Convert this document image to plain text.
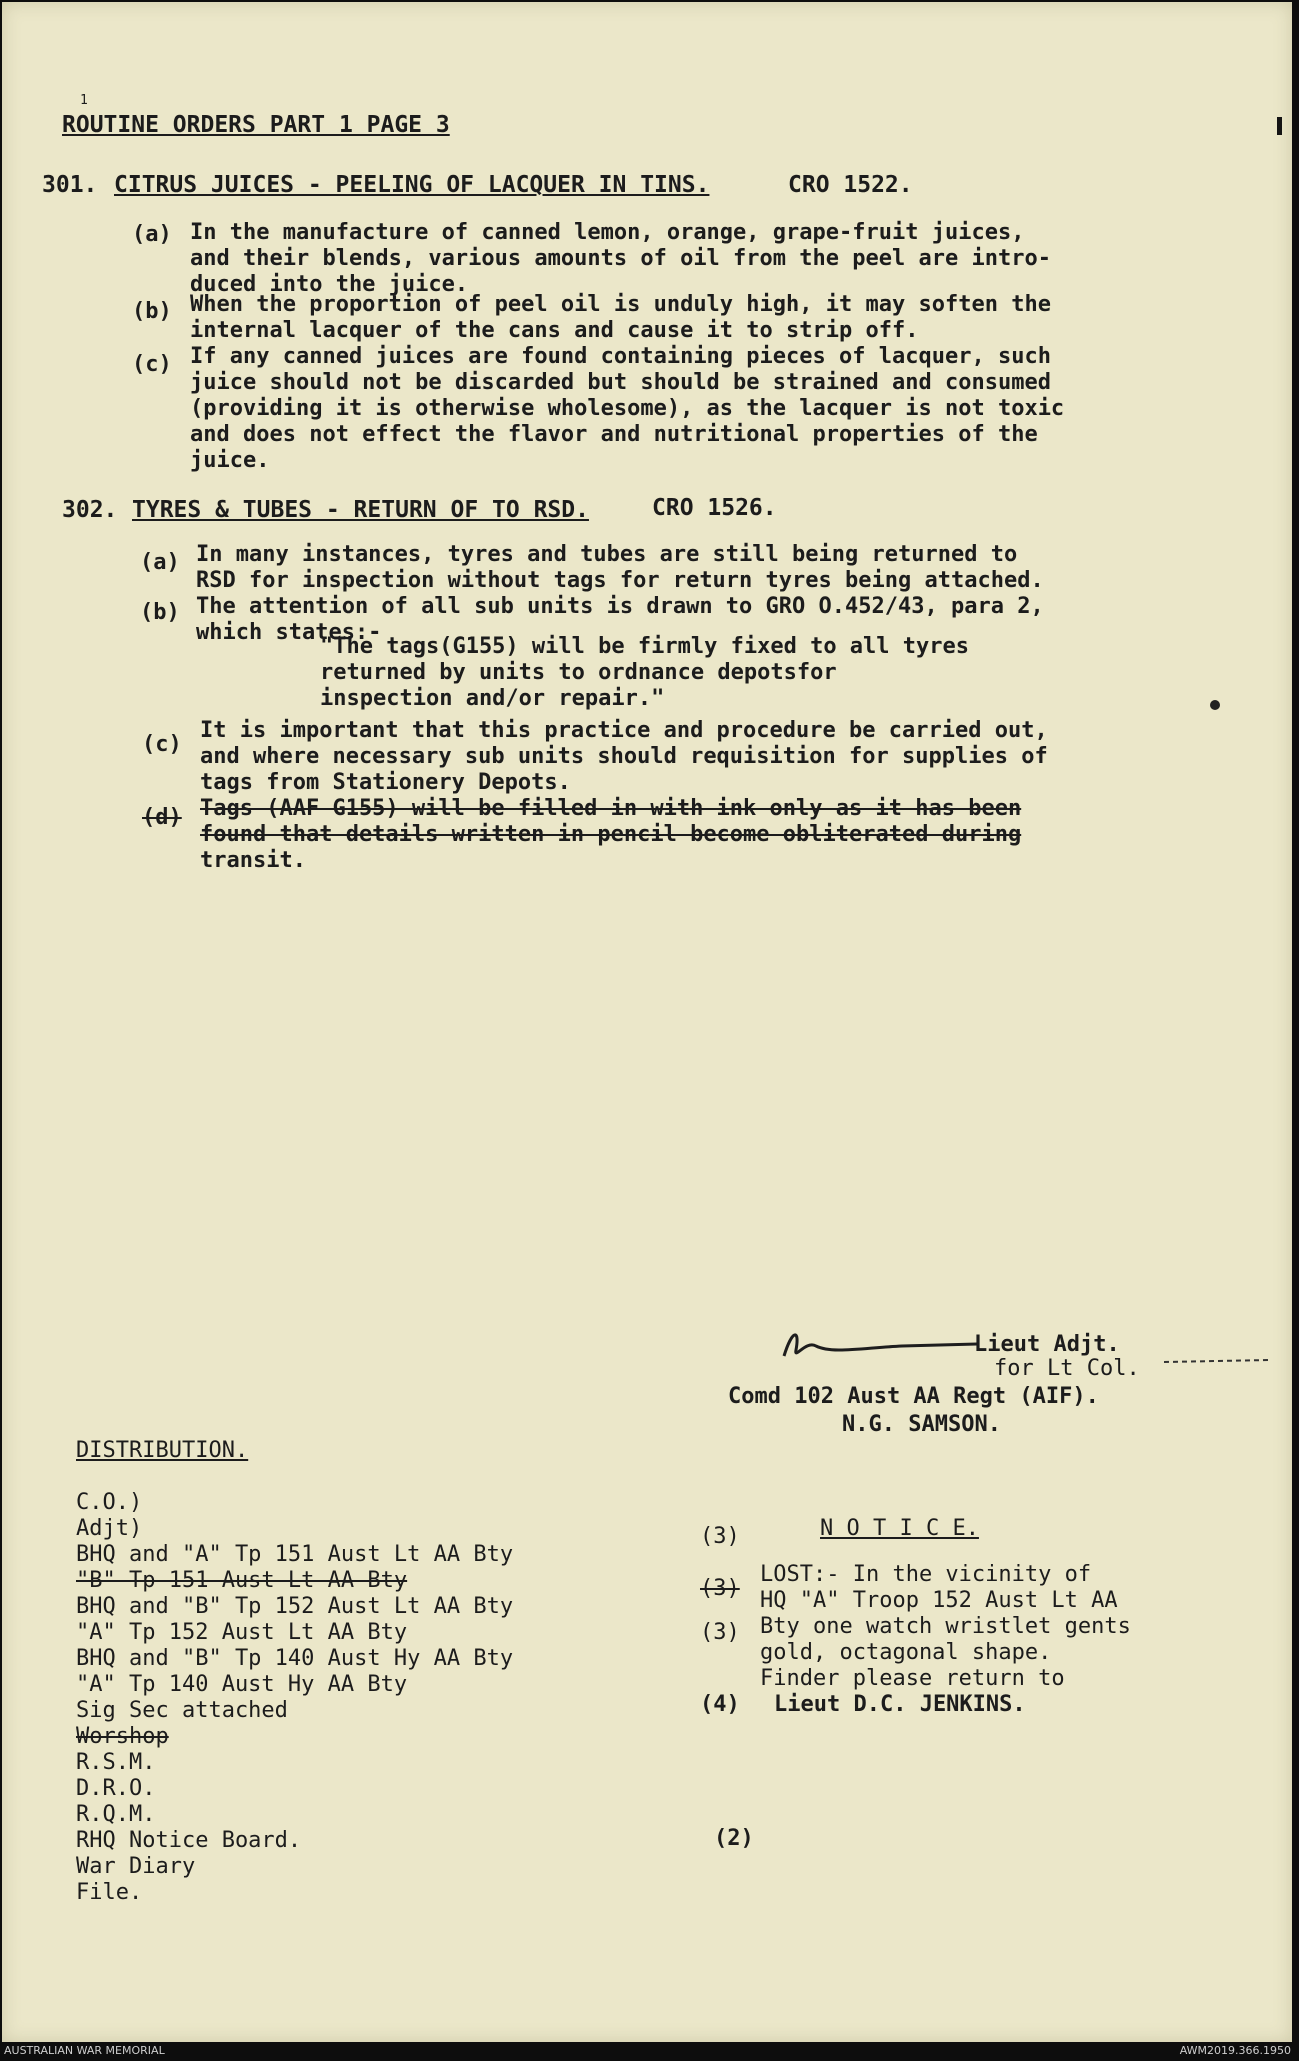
1
ROUTINE ORDERS PART 1 PAGE 3
301. CITRUS JUICES - PEELING OF LACQUER IN TINS.	CRO 1522.
(a) In the manufacture of canned lemon, orange, grape-fruit juices,
and their blends, various amounts of oil from the peel are intro-
duced into the juice.
(b) When the proportion of peel oil is unduly high, it may soften the
internal lacquer of the cans and cause it to strip off.
(c) If any canned juices are found containing pieces of lacquer, such
juice should not be discarded but should be strained and consumed
(providing it is otherwise wholesome), as the lacquer is not toxic
and does not effect the flavor and nutritional properties of the
juice.
302. TYRES & TUBES - RETURN OF TO RSD.	CRO 1526.
(a) In many instances, tyres and tubes are still being returned to
RSD for inspection without tags for return tyres being attached.
(b) The attention of all sub units is drawn to GRO O.452/43, para 2,
which states:-
"The tags(G155) will be firmly fixed to all tyres
returned by units to ordnance depotsfor
inspection and/or repair."
(c)
It is important that this practice and procedure be carried out,
and where necessary sub units should requisition for supplies of
tags from Stationery Depots.
(d) Tags (AAF G155) will be filled in with ink only as it has been
found that details written in pencil become obliterated during
transit.
Lieut Adjt.
for Lt Col.
Comd 102 Aust AA Regt (AIF).
N.G. SAMSON.
DISTRIBUTION.
C.O.)
Adjt)
BHQ and "A" Tp 151 Aust Lt AA Bty
"B" Tp 151 Aust Lt AA Bty
BHQ and "B" Tp 152 Aust Lt AA Bty
"A" Tp 152 Aust Lt AA Bty
BHQ and "B" Tp 140 Aust Hy AA Bty
"A" Tp 140 Aust Hy AA Bty
Sig Sec attached
Worshop
R.S.M.
D.R.O.
R.Q.M.
RHQ Notice Board.
War Diary
File.
(3)	N O T I C E.
(3)
LOST:- In the vicinity of
HQ "A" Troop 152 Aust Lt AA
(3) Bty one watch wristlet gents
gold, octagonal shape.
Finder please return to
(4) Lieut D.C. JENKINS.
(2)
AUSTRALIAN WAR MEMORIAL	AWM2019.366.1950
